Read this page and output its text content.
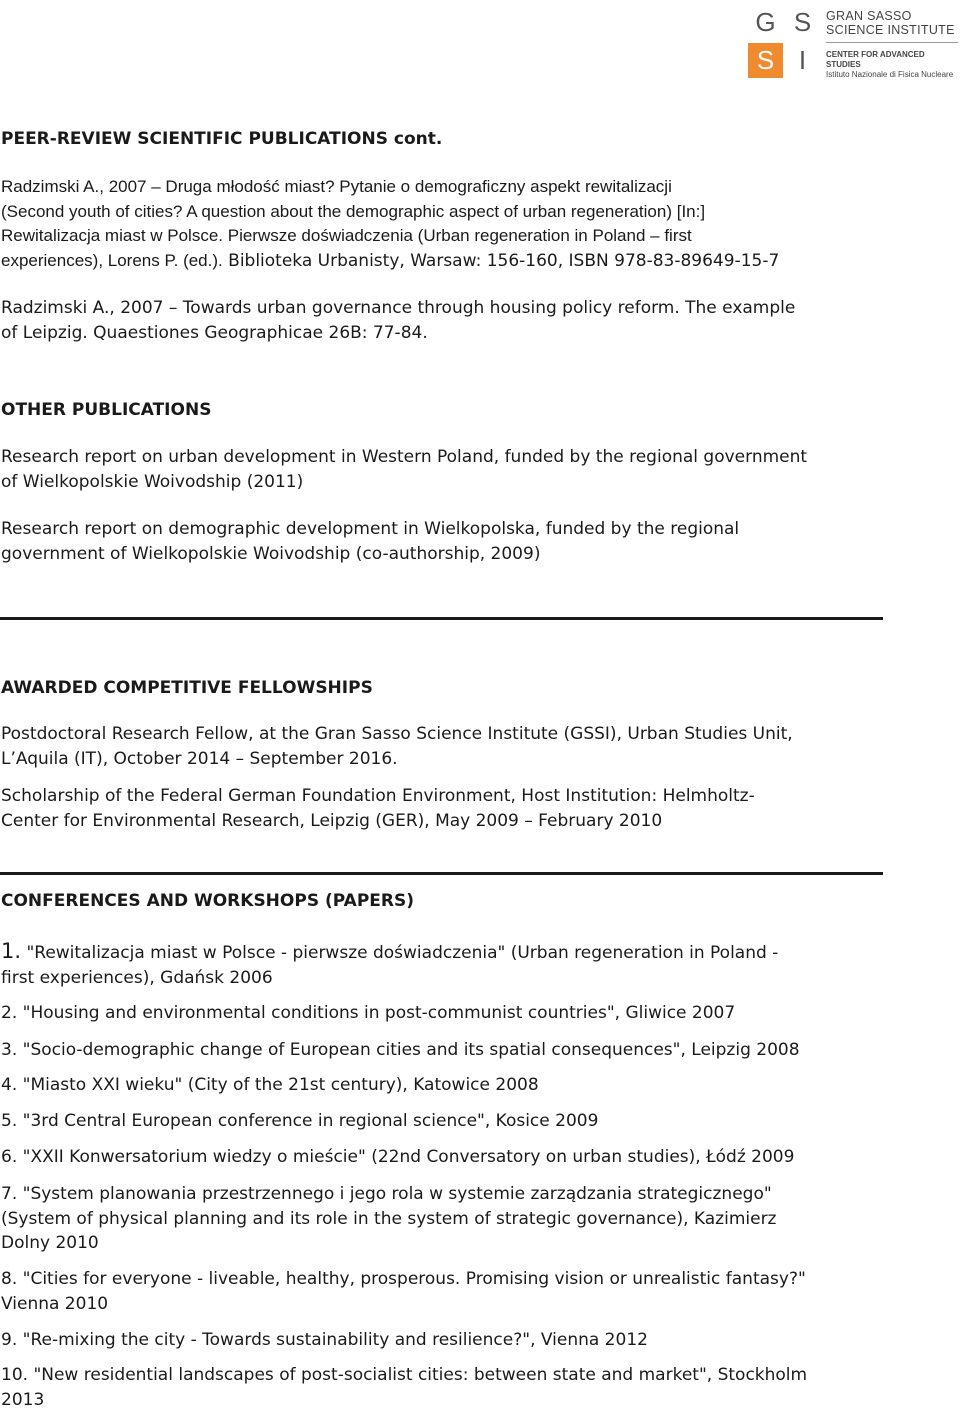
G S
S I
GRAN SASSO
SCIENCE INSTITUTE
CENTER FOR ADVANCED STUDIES
Istituto Nazionale di Fisica Nucleare
PEER-REVIEW SCIENTIFIC PUBLICATIONS cont.
Radzimski A., 2007 – Druga młodość miast? Pytanie o demograficzny aspekt rewitalizacji
(Second youth of cities? A question about the demographic aspect of urban regeneration) [In:]
Rewitalizacja miast w Polsce. Pierwsze doświadczenia (Urban regeneration in Poland – first
experiences), Lorens P. (ed.). Biblioteka Urbanisty, Warsaw: 156-160, ISBN 978-83-89649-15-7
Radzimski A., 2007 – Towards urban governance through housing policy reform. The example
of Leipzig. Quaestiones Geographicae 26B: 77-84.
OTHER PUBLICATIONS
Research report on urban development in Western Poland, funded by the regional government
of Wielkopolskie Woivodship (2011)
Research report on demographic development in Wielkopolska, funded by the regional
government of Wielkopolskie Woivodship (co-authorship, 2009)
AWARDED COMPETITIVE FELLOWSHIPS
Postdoctoral Research Fellow, at the Gran Sasso Science Institute (GSSI), Urban Studies Unit,
L’Aquila (IT), October 2014 – September 2016.
Scholarship of the Federal German Foundation Environment, Host Institution: Helmholtz-
Center for Environmental Research, Leipzig (GER), May 2009 – February 2010
CONFERENCES AND WORKSHOPS (PAPERS)
1. "Rewitalizacja miast w Polsce - pierwsze doświadczenia" (Urban regeneration in Poland -
first experiences), Gdańsk 2006
2. "Housing and environmental conditions in post-communist countries", Gliwice 2007
3. "Socio-demographic change of European cities and its spatial consequences", Leipzig 2008
4. "Miasto XXI wieku" (City of the 21st century), Katowice 2008
5. "3rd Central European conference in regional science", Kosice 2009
6. "XXII Konwersatorium wiedzy o mieście" (22nd Conversatory on urban studies), Łódź 2009
7. "System planowania przestrzennego i jego rola w systemie zarządzania strategicznego"
(System of physical planning and its role in the system of strategic governance), Kazimierz
Dolny 2010
8. "Cities for everyone - liveable, healthy, prosperous. Promising vision or unrealistic fantasy?"
Vienna 2010
9. "Re-mixing the city - Towards sustainability and resilience?", Vienna 2012
10. "New residential landscapes of post-socialist cities: between state and market", Stockholm
2013
